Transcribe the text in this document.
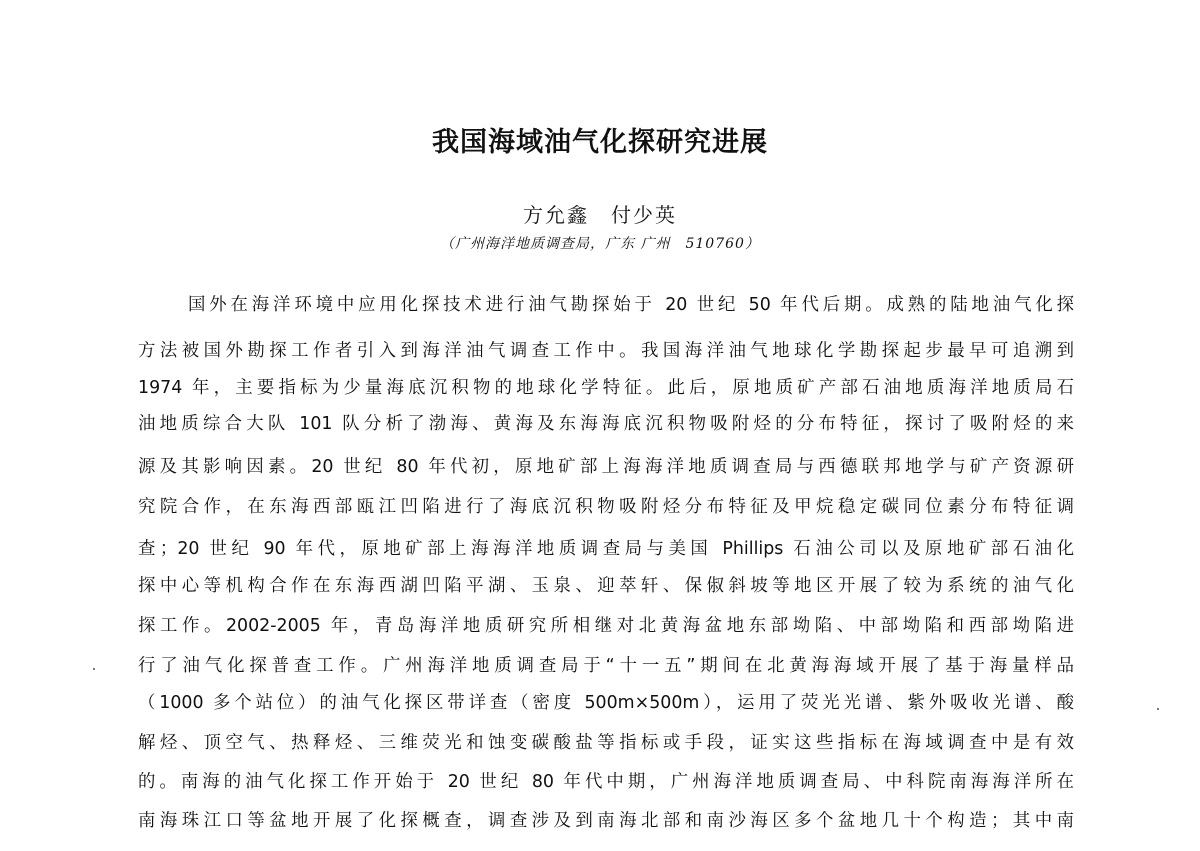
我国海域油气化探研究进展
方允鑫　付少英
（广州海洋地质调查局，广东 广州　510760）
国外在海洋环境中应用化探技术进行油气勘探始于 20 世纪 50 年代后期。成熟的陆地油气化探
方法被国外勘探工作者引入到海洋油气调查工作中。我国海洋油气地球化学勘探起步最早可追溯到
1974 年，主要指标为少量海底沉积物的地球化学特征。此后，原地质矿产部石油地质海洋地质局石
油地质综合大队 101 队分析了渤海、黄海及东海海底沉积物吸附烃的分布特征，探讨了吸附烃的来
源及其影响因素。20 世纪 80 年代初，原地矿部上海海洋地质调查局与西德联邦地学与矿产资源研
究院合作，在东海西部瓯江凹陷进行了海底沉积物吸附烃分布特征及甲烷稳定碳同位素分布特征调
查；20 世纪 90 年代，原地矿部上海海洋地质调查局与美国 Phillips 石油公司以及原地矿部石油化
探中心等机构合作在东海西湖凹陷平湖、玉泉、迎萃轩、保俶斜坡等地区开展了较为系统的油气化
探工作。2002-2005 年，青岛海洋地质研究所相继对北黄海盆地东部坳陷、中部坳陷和西部坳陷进
行了油气化探普查工作。广州海洋地质调查局于“十一五”期间在北黄海海域开展了基于海量样品
（1000 多个站位）的油气化探区带详查（密度 500m×500m），运用了荧光光谱、紫外吸收光谱、酸
解烃、顶空气、热释烃、三维荧光和蚀变碳酸盐等指标或手段，证实这些指标在海域调查中是有效
的。南海的油气化探工作开始于 20 世纪 80 年代中期，广州海洋地质调查局、中科院南海海洋所在
南海珠江口等盆地开展了化探概查，调查涉及到南海北部和南沙海区多个盆地几十个构造；其中南
